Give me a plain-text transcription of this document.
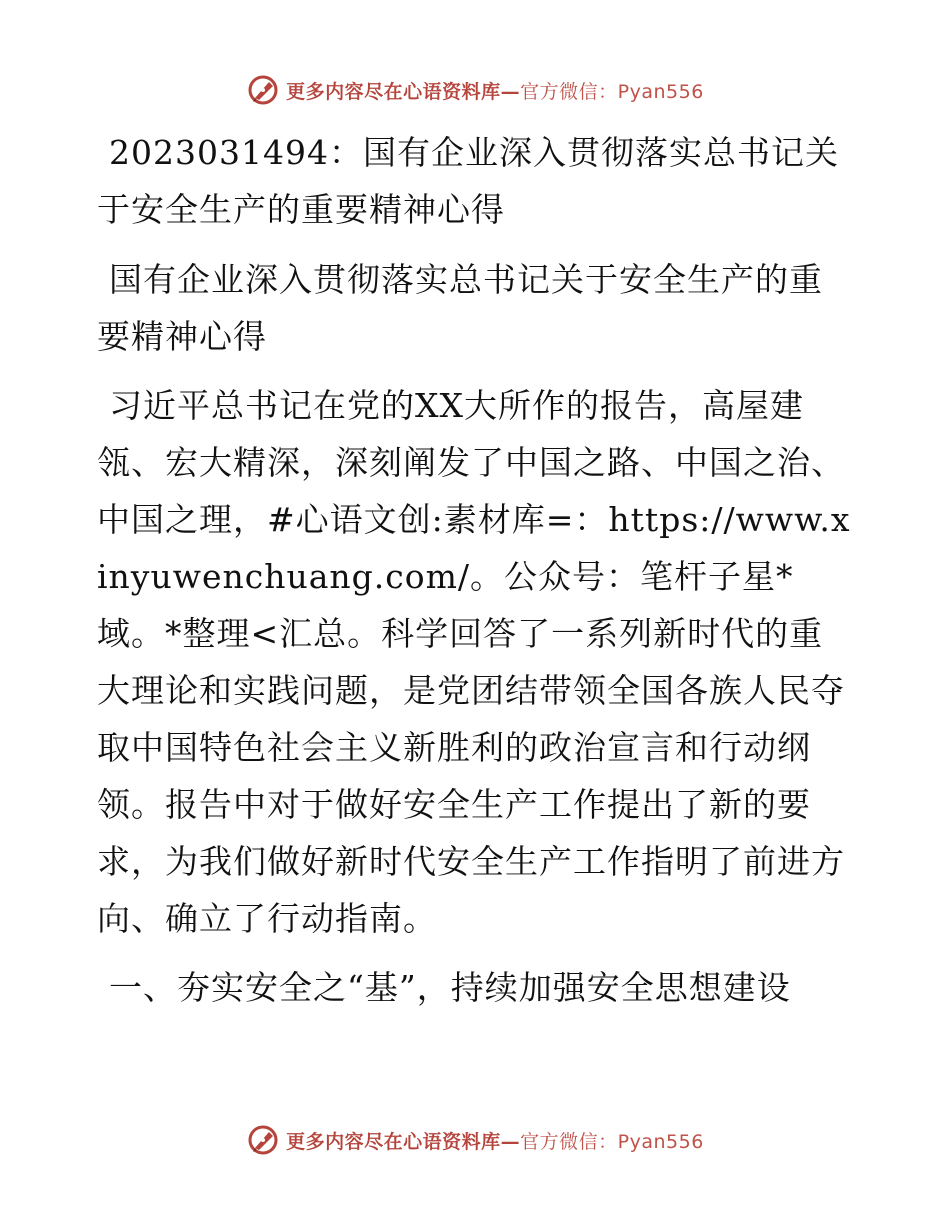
更多内容尽在心语资料库—官方微信：Pyan556

2023031494：国有企业深入贯彻落实总书记关于安全生产的重要精神心得

国有企业深入贯彻落实总书记关于安全生产的重要精神心得

习近平总书记在党的XX大所作的报告，高屋建瓴、宏大精深，深刻阐发了中国之路、中国之治、中国之理，#心语文创:素材库=：https://www.xinyuwenchuang.com/。公众号：笔杆子星*域。*整理<汇总。科学回答了一系列新时代的重大理论和实践问题，是党团结带领全国各族人民夺取中国特色社会主义新胜利的政治宣言和行动纲领。报告中对于做好安全生产工作提出了新的要求，为我们做好新时代安全生产工作指明了前进方向、确立了行动指南。

一、夯实安全之“基”，持续加强安全思想建设

更多内容尽在心语资料库—官方微信：Pyan556
